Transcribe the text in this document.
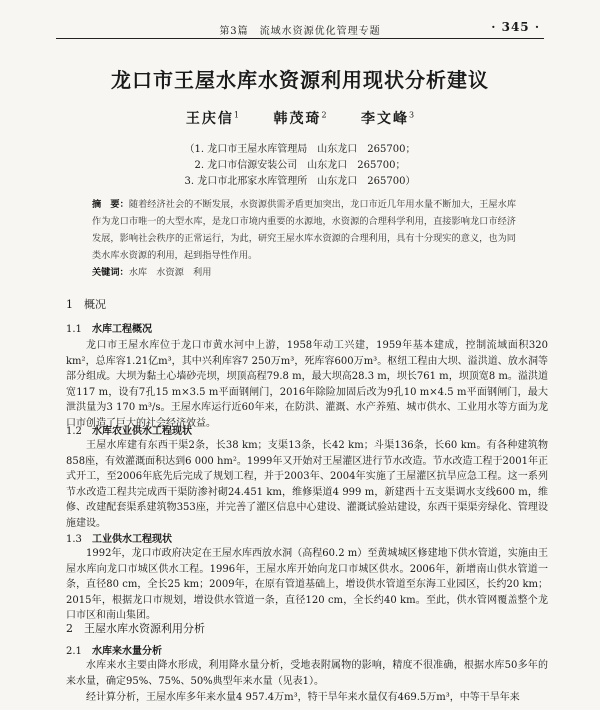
第3篇　流域水资源优化管理专题	· 345 ·
龙口市王屋水库水资源利用现状分析建议
王庆信$^1$ 韩茂琦$^2$ 李文峰$^3$
（1. 龙口市王屋水库管理局　山东龙口　265700；
2. 龙口市信源安装公司　山东龙口　265700；
3. 龙口市北邢家水库管理所　山东龙口　265700）
摘　要：随着经济社会的不断发展，水资源供需矛盾更加突出，龙口市近几年用水量不断加大，王屋水库作为龙口市唯一的大型水库，是龙口市境内重要的水源地，水资源的合理科学利用，直接影响龙口市经济发展，影响社会秩序的正常运行，为此，研究王屋水库水资源的合理利用，具有十分现实的意义，也为同类水库水资源的利用，起到指导性作用。
关键词：水库　水资源　利用
1 概况
1.1 水库工程概况
龙口市王屋水库位于龙口市黄水河中上游，1958年动工兴建，1959年基本建成，控制流域面积320 km²，总库容1.21亿m³，其中兴利库容7 250万m³，死库容600万m³。枢纽工程由大坝、溢洪道、放水洞等部分组成。大坝为黏土心墙砂壳坝，坝顶高程79.8 m，最大坝高28.3 m，坝长761 m，坝顶宽8 m。溢洪道宽117 m，设有7孔15 m×3.5 m平面钢闸门，2016年除险加固后改为9孔10 m×4.5 m平面钢闸门，最大泄洪量为3 170 m³/s。王屋水库运行近60年来，在防洪、灌溉、水产养殖、城市供水、工业用水等方面为龙口市创造了巨大的社会经济效益。
1.2 水库农业供水工程现状
王屋水库建有东西干渠2条，长38 km；支渠13条，长42 km；斗渠136条，长60 km。有各种建筑物858座，有效灌溉面积达到6 000 hm²。1999年又开始对王屋灌区进行节水改造。节水改造工程于2001年正式开工，至2006年底先后完成了规划工程，并于2003年、2004年实施了王屋灌区抗旱应急工程。这一系列节水改造工程共完成西干渠防渗衬砌24.451 km，维修渠道4 999 m，新建西十五支渠调水支线600 m，维修、改建配套渠系建筑物353座，并完善了灌区信息中心建设、灌溉试验站建设，东西干渠渠旁绿化、管理设施建设。
1.3 工业供水工程现状
1992年，龙口市政府决定在王屋水库西放水洞（高程60.2 m）至黄城城区修建地下供水管道，实施由王屋水库向龙口市城区供水工程。1996年，王屋水库开始向龙口市城区供水。2006年，新增南山供水管道一条，直径80 cm，全长25 km；2009年，在原有管道基础上，增设供水管道至东海工业园区，长约20 km；2015年，根据龙口市规划，增设供水管道一条，直径120 cm，全长约40 km。至此，供水管网覆盖整个龙口市区和南山集团。
2 王屋水库水资源利用分析
2.1 水库来水量分析
水库来水主要由降水形成，利用降水量分析，受地表附属物的影响，精度不很准确，根据水库50多年的来水量，确定95%、75%、50%典型年来水量（见表1）。
经计算分析，王屋水库多年来水量4 957.4万m³，特干旱年来水量仅有469.5万m³，中等干旱年来
